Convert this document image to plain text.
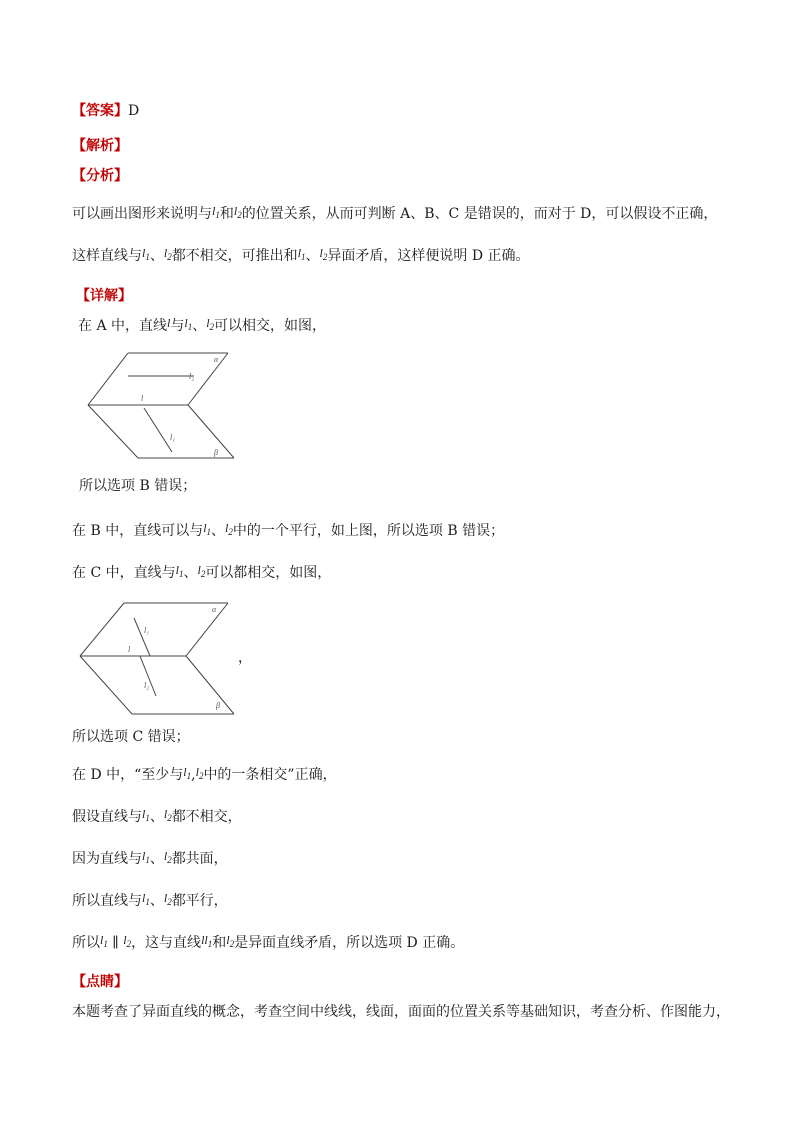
【答案】D
【解析】
【分析】
可以画出图形来说明与$l_1$和$l_2$的位置关系，从而可判断 A、B、C 是错误的，而对于 D，可以假设不正确，
这样直线与$l_1$、$l_2$都不相交，可推出和$l_1$、$l_2$异面矛盾，这样便说明 D 正确。
【详解】
在 A 中，直线l与$l_1$、$l_2$可以相交，如图，
α
l₂
l
l₁
β
所以选项 B 错误；
在 B 中，直线可以与$l_1$、$l_2$中的一个平行，如上图，所以选项 B 错误；
在 C 中，直线与$l_1$、$l_2$可以都相交，如图，
α
l₁
l
l₂
β
，
所以选项 C 错误；
在 D 中，“至少与$l_1,l_2$中的一条相交”正确，
假设直线与$l_1$、$l_2$都不相交，
因为直线与$l_1$、$l_2$都共面，
所以直线与$l_1$、$l_2$都平行，
所以$l_1$ ∥ $l_2$，这与直线$ll_1$和$l_2$是异面直线矛盾，所以选项 D 正确。
【点睛】
本题考查了异面直线的概念，考查空间中线线，线面，面面的位置关系等基础知识，考查分析、作图能力，
